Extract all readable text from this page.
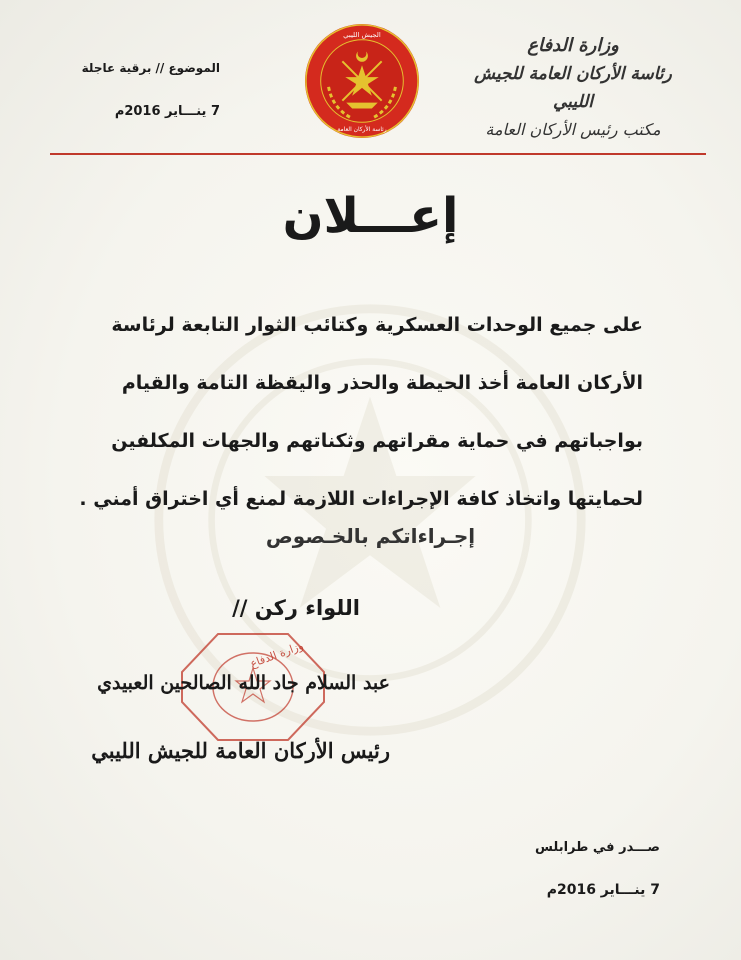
وزارة الدفاع
رئاسة الأركان العامة للجيش الليبي
مكتب رئيس الأركان العامة
الجيش الليبي
رئاسة الأركان العامة
الموضوع // برقية عاجلة
7 ينـــاير 2016م
إعـــلان
على جميع الوحدات العسكرية وكتائب الثوار التابعة لرئاسة
الأركان العامة أخذ الحيطة والحذر واليقظة التامة والقيام
بواجباتهم في حماية مقراتهم وثكناتهم والجهات المكلفين
لحمايتها واتخاذ كافة الإجراءات اللازمة لمنع أي اختراق أمني .
إجـراءاتكم بالخـصوص
وزارة الدفاع
اللواء ركن //
عبد السلام جاد الله الصالحين العبيدي
رئيس الأركان العامة للجيش الليبي
صـــدر في طرابلس
7 ينـــاير 2016م
